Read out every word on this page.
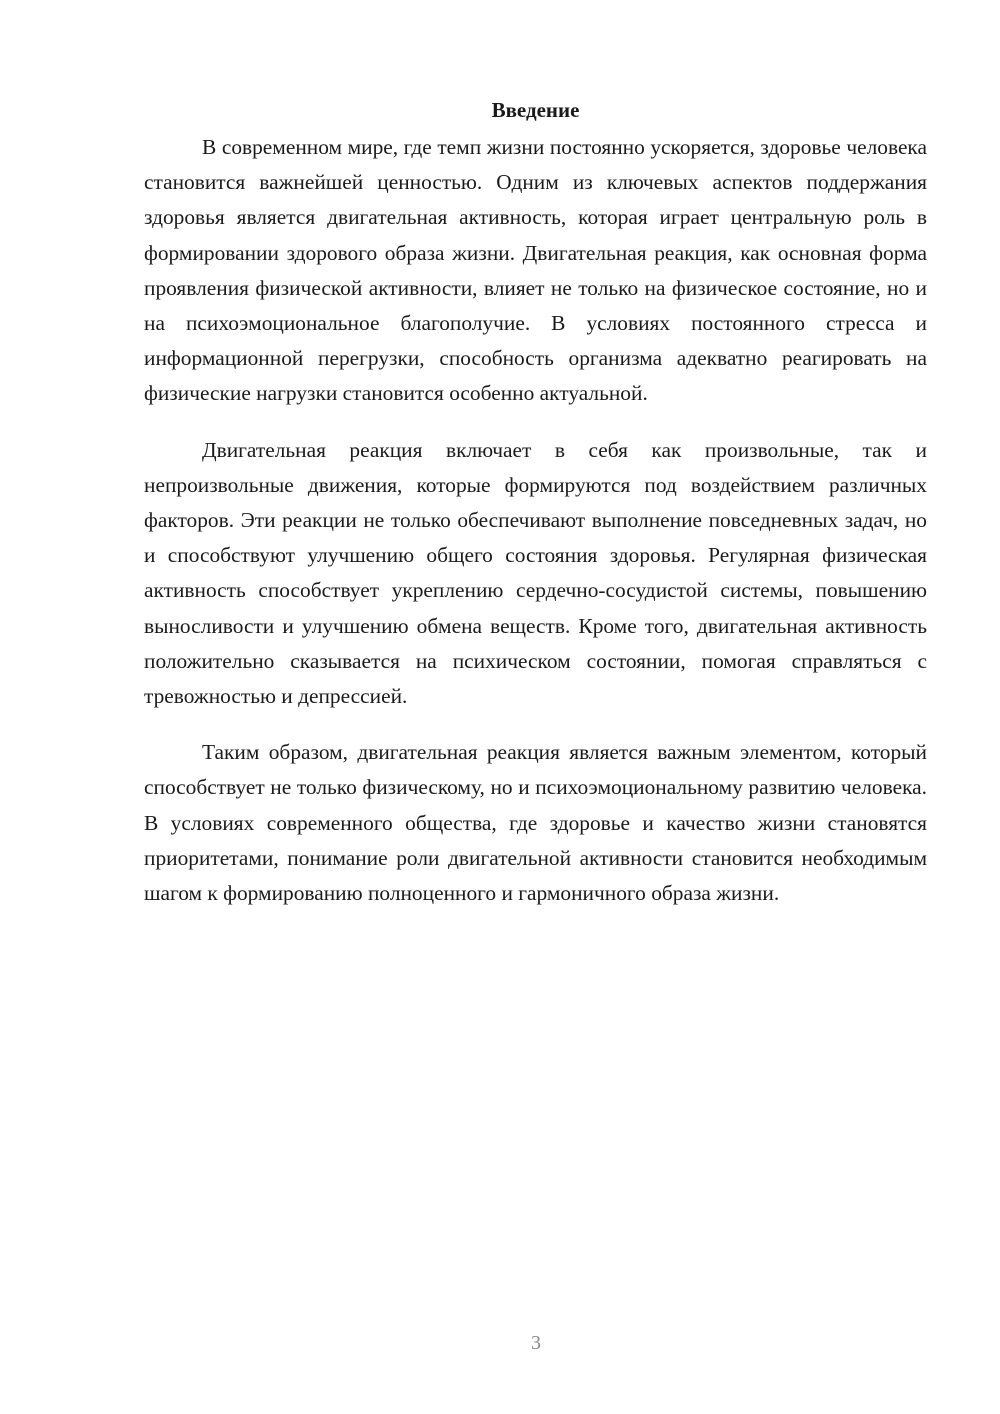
Введение

В современном мире, где темп жизни постоянно ускоряется, здоровье человека становится важнейшей ценностью. Одним из ключевых аспектов поддержания здоровья является двигательная активность, которая играет центральную роль в формировании здорового образа жизни. Двигательная реакция, как основная форма проявления физической активности, влияет не только на физическое состояние, но и на психоэмоциональное благополучие. В условиях постоянного стресса и информационной перегрузки, способность организма адекватно реагировать на физические нагрузки становится особенно актуальной.

Двигательная реакция включает в себя как произвольные, так и непроизвольные движения, которые формируются под воздействием различных факторов. Эти реакции не только обеспечивают выполнение повседневных задач, но и способствуют улучшению общего состояния здоровья. Регулярная физическая активность способствует укреплению сердечно-сосудистой системы, повышению выносливости и улучшению обмена веществ. Кроме того, двигательная активность положительно сказывается на психическом состоянии, помогая справляться с тревожностью и депрессией.

Таким образом, двигательная реакция является важным элементом, который способствует не только физическому, но и психоэмоциональному развитию человека. В условиях современного общества, где здоровье и качество жизни становятся приоритетами, понимание роли двигательной активности становится необходимым шагом к формированию полноценного и гармоничного образа жизни.

3
